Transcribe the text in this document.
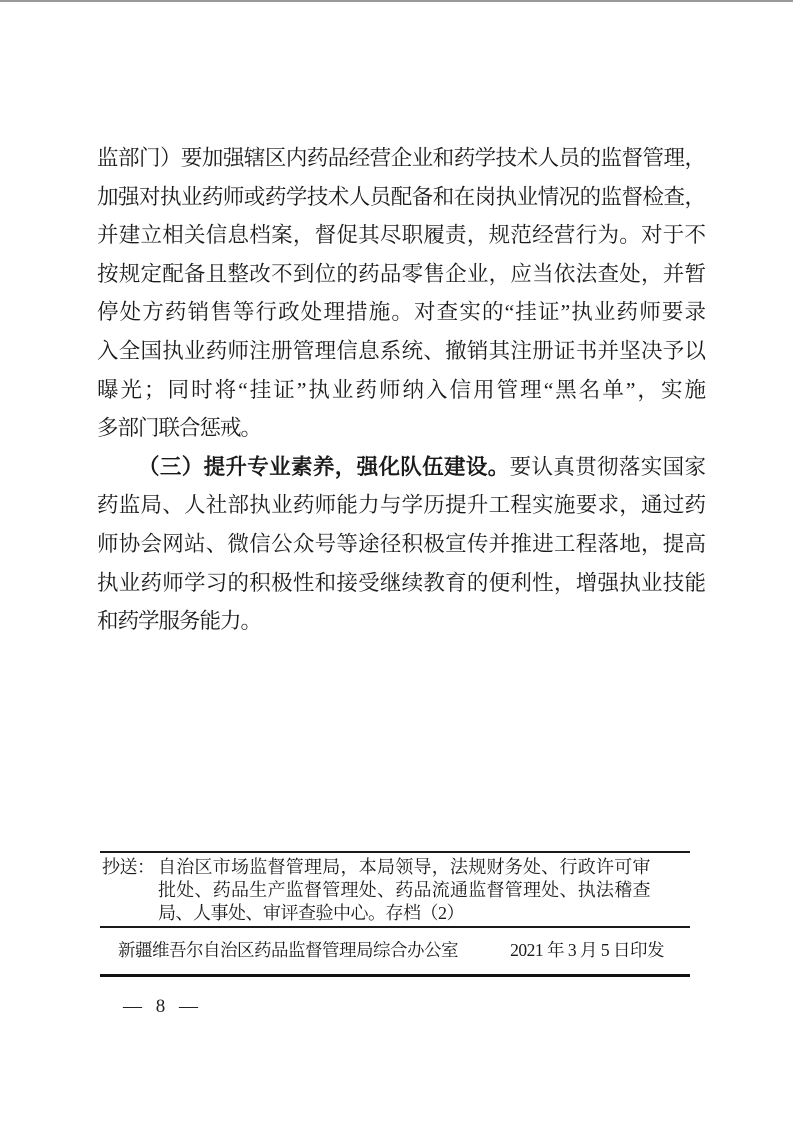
监部门）要加强辖区内药品经营企业和药学技术人员的监督管理，
加强对执业药师或药学技术人员配备和在岗执业情况的监督检查，
并建立相关信息档案，督促其尽职履责，规范经营行为。对于不
按规定配备且整改不到位的药品零售企业，应当依法查处，并暂
停处方药销售等行政处理措施。对查实的“挂证”执业药师要录
入全国执业药师注册管理信息系统、撤销其注册证书并坚决予以
曝光；同时将“挂证”执业药师纳入信用管理“黑名单”，实施
多部门联合惩戒。
（三）提升专业素养，强化队伍建设。要认真贯彻落实国家
药监局、人社部执业药师能力与学历提升工程实施要求，通过药
师协会网站、微信公众号等途径积极宣传并推进工程落地，提高
执业药师学习的积极性和接受继续教育的便利性，增强执业技能
和药学服务能力。
抄送： 自治区市场监督管理局，本局领导，法规财务处、行政许可审
批处、药品生产监督管理处、药品流通监督管理处、执法稽查
局、人事处、审评查验中心。存档（2）
新疆维吾尔自治区药品监督管理局综合办公室	2021 年 3 月 5 日印发
— 8 —
